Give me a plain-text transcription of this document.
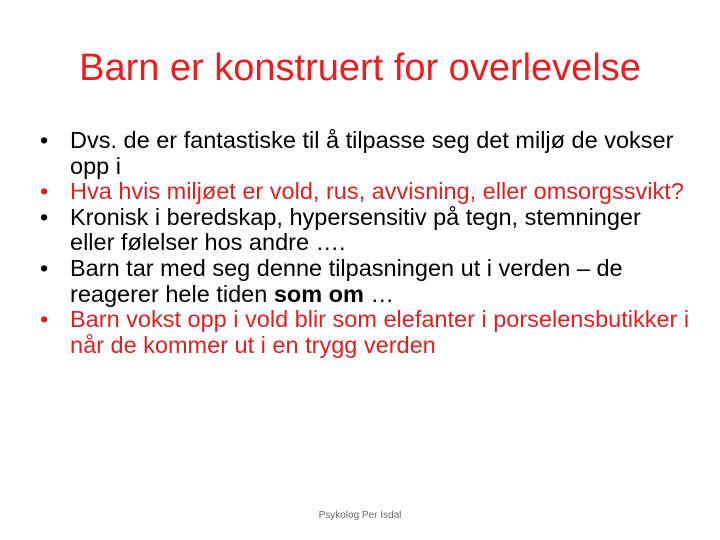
Barn er konstruert for overlevelse
•
Dvs. de er fantastiske til å tilpasse seg det miljø de vokser opp i
•
Hva hvis miljøet er vold, rus, avvisning, eller omsorgssvikt?
•
Kronisk i beredskap, hypersensitiv på tegn, stemninger eller følelser hos andre ….
•
Barn tar med seg denne tilpasningen ut i verden – de reagerer hele tiden som om …
•
Barn vokst opp i vold blir som elefanter i porselensbutikker i når de kommer ut i en trygg verden
Psykolog Per Isdal
